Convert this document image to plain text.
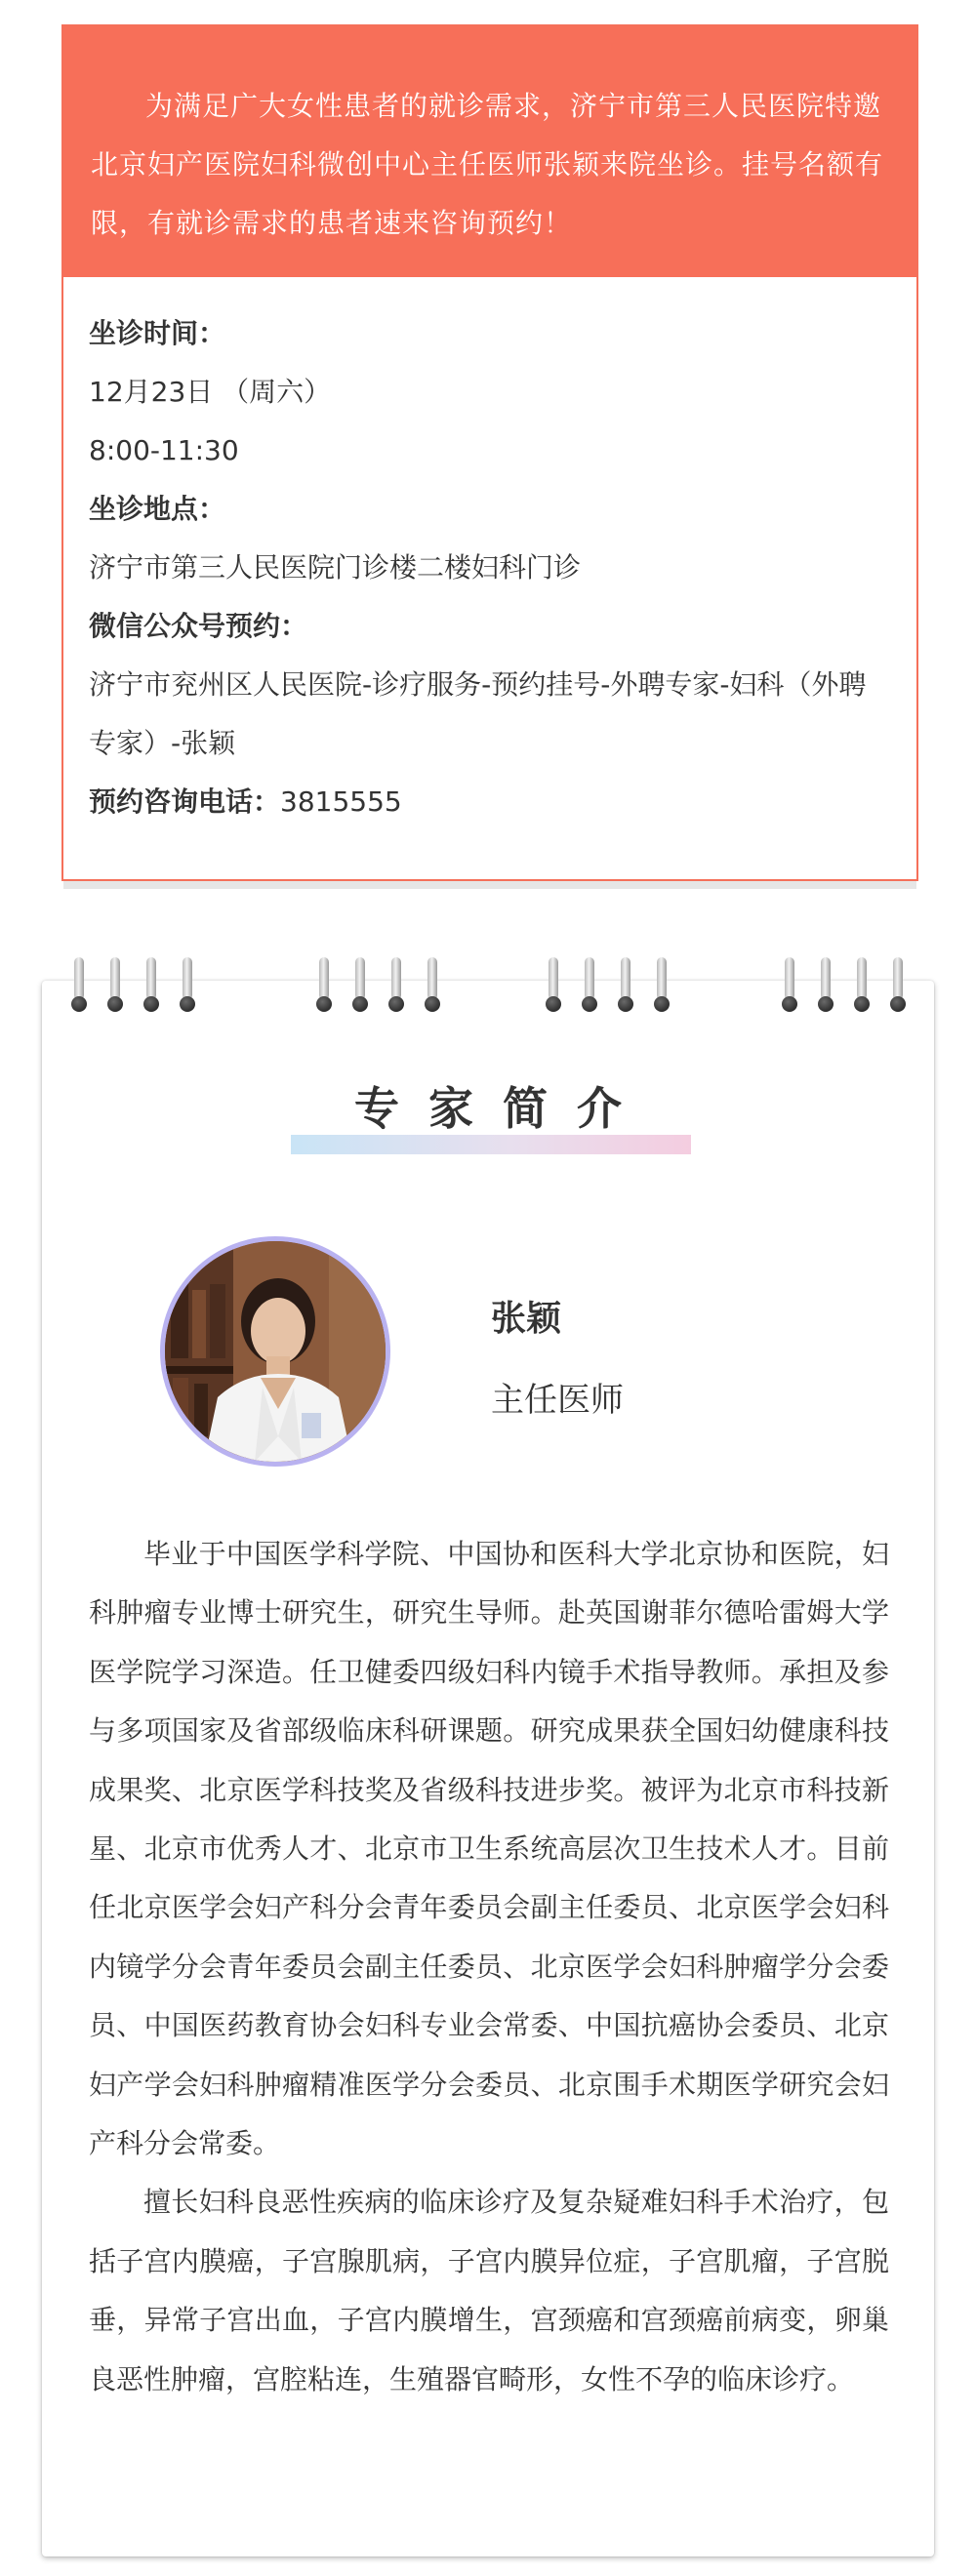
为满足广大女性患者的就诊需求，济宁市第三人民医院特邀北京妇产医院妇科微创中心主任医师张颖来院坐诊。挂号名额有限，有就诊需求的患者速来咨询预约！

坐诊时间：

12月23日 （周六）

8:00-11:30

坐诊地点：

济宁市第三人民医院门诊楼二楼妇科门诊

微信公众号预约：

济宁市兖州区人民医院-诊疗服务-预约挂号-外聘专家-妇科（外聘专家）-张颖

预约咨询电话：3815555

专家简介
张颖
主任医师

毕业于中国医学科学院、中国协和医科大学北京协和医院，妇科肿瘤专业博士研究生，研究生导师。赴英国谢菲尔德哈雷姆大学医学院学习深造。任卫健委四级妇科内镜手术指导教师。承担及参与多项国家及省部级临床科研课题。研究成果获全国妇幼健康科技成果奖、北京医学科技奖及省级科技进步奖。被评为北京市科技新星、北京市优秀人才、北京市卫生系统高层次卫生技术人才。目前任北京医学会妇产科分会青年委员会副主任委员、北京医学会妇科内镜学分会青年委员会副主任委员、北京医学会妇科肿瘤学分会委员、中国医药教育协会妇科专业会常委、中国抗癌协会委员、北京妇产学会妇科肿瘤精准医学分会委员、北京围手术期医学研究会妇产科分会常委。

擅长妇科良恶性疾病的临床诊疗及复杂疑难妇科手术治疗，包括子宫内膜癌，子宫腺肌病，子宫内膜异位症，子宫肌瘤，子宫脱垂，异常子宫出血，子宫内膜增生，宫颈癌和宫颈癌前病变，卵巢良恶性肿瘤，宫腔粘连，生殖器官畸形，女性不孕的临床诊疗。
